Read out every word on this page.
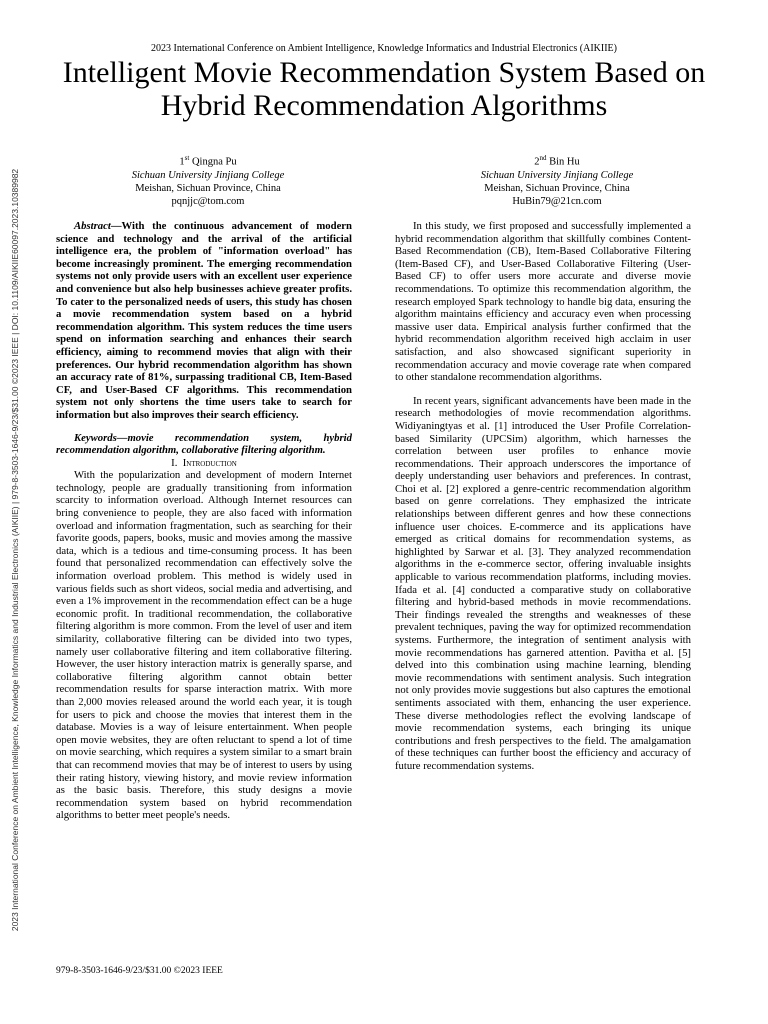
2023 International Conference on Ambient Intelligence, Knowledge Informatics and Industrial Electronics (AIKIIE) | 979-8-3503-1646-9/23/$31.00 ©2023 IEEE | DOI: 10.1109/AIKIIE60097.2023.10389982
2023 International Conference on Ambient Intelligence, Knowledge Informatics and Industrial Electronics (AIKIIE)
Intelligent Movie Recommendation System Based on Hybrid Recommendation Algorithms
1st Qingna Pu
Sichuan University Jinjiang College
Meishan, Sichuan Province, China
pqnjjc@tom.com
2nd Bin Hu
Sichuan University Jinjiang College
Meishan, Sichuan Province, China
HuBin79@21cn.com

Abstract—With the continuous advancement of modern science and technology and the arrival of the artificial intelligence era, the problem of "information overload" has become increasingly prominent. The emerging recommendation systems not only provide users with an excellent user experience and convenience but also help businesses achieve greater profits. To cater to the personalized needs of users, this study has chosen a movie recommendation system based on a hybrid recommendation algorithm. This system reduces the time users spend on information searching and enhances their search efficiency, aiming to recommend movies that align with their preferences. Our hybrid recommendation algorithm has shown an accuracy rate of 81%, surpassing traditional CB, Item-Based CF, and User-Based CF algorithms. This recommendation system not only shortens the time users take to search for information but also improves their search efficiency.

Keywords—movie recommendation system, hybrid recommendation algorithm, collaborative filtering algorithm.

I. Introduction

With the popularization and development of modern Internet technology, people are gradually transitioning from information scarcity to information overload. Although Internet resources can bring convenience to people, they are also faced with information overload and information fragmentation, such as searching for their favorite goods, papers, books, music and movies among the massive data, which is a tedious and time-consuming process. It has been found that personalized recommendation can effectively solve the information overload problem. This method is widely used in various fields such as short videos, social media and advertising, and even a 1% improvement in the recommendation effect can be a huge economic profit. In traditional recommendation, the collaborative filtering algorithm is more common. From the level of user and item similarity, collaborative filtering can be divided into two types, namely user collaborative filtering and item collaborative filtering. However, the user history interaction matrix is generally sparse, and collaborative filtering algorithm cannot obtain better recommendation results for sparse interaction matrix. With more than 2,000 movies released around the world each year, it is tough for users to pick and choose the movies that interest them in the database. Movies is a way of leisure entertainment. When people open movie websites, they are often reluctant to spend a lot of time on movie searching, which requires a system similar to a smart brain that can recommend movies that may be of interest to users by using their rating history, viewing history, and movie review information as the basic basis. Therefore, this study designs a movie recommendation system based on hybrid recommendation algorithms to better meet people's needs.

In this study, we first proposed and successfully implemented a hybrid recommendation algorithm that skillfully combines Content-Based Recommendation (CB), Item-Based Collaborative Filtering (Item-Based CF), and User-Based Collaborative Filtering (User-Based CF) to offer users more accurate and diverse movie recommendations. To optimize this recommendation algorithm, the research employed Spark technology to handle big data, ensuring the algorithm maintains efficiency and accuracy even when processing massive user data. Empirical analysis further confirmed that the hybrid recommendation algorithm received high acclaim in user satisfaction, and also showcased significant superiority in recommendation accuracy and movie coverage rate when compared to other standalone recommendation algorithms.

In recent years, significant advancements have been made in the research methodologies of movie recommendation algorithms. Widiyaningtyas et al. [1] introduced the User Profile Correlation-based Similarity (UPCSim) algorithm, which harnesses the correlation between user profiles to enhance movie recommendations. Their approach underscores the importance of deeply understanding user behaviors and preferences. In contrast, Choi et al. [2] explored a genre-centric recommendation algorithm based on genre correlations. They emphasized the intricate relationships between different genres and how these connections influence user choices. E-commerce and its applications have emerged as critical domains for recommendation systems, as highlighted by Sarwar et al. [3]. They analyzed recommendation algorithms in the e-commerce sector, offering invaluable insights applicable to various recommendation platforms, including movies. Ifada et al. [4] conducted a comparative study on collaborative filtering and hybrid-based methods in movie recommendations. Their findings revealed the strengths and weaknesses of these prevalent techniques, paving the way for optimized recommendation systems. Furthermore, the integration of sentiment analysis with movie recommendations has garnered attention. Pavitha et al. [5] delved into this combination using machine learning, blending movie recommendations with sentiment analysis. Such integration not only provides movie suggestions but also captures the emotional sentiments associated with them, enhancing the user experience. These diverse methodologies reflect the evolving landscape of movie recommendation systems, each bringing its unique contributions and fresh perspectives to the field. The amalgamation of these techniques can further boost the efficiency and accuracy of future recommendation systems.

979-8-3503-1646-9/23/$31.00 ©2023 IEEE
